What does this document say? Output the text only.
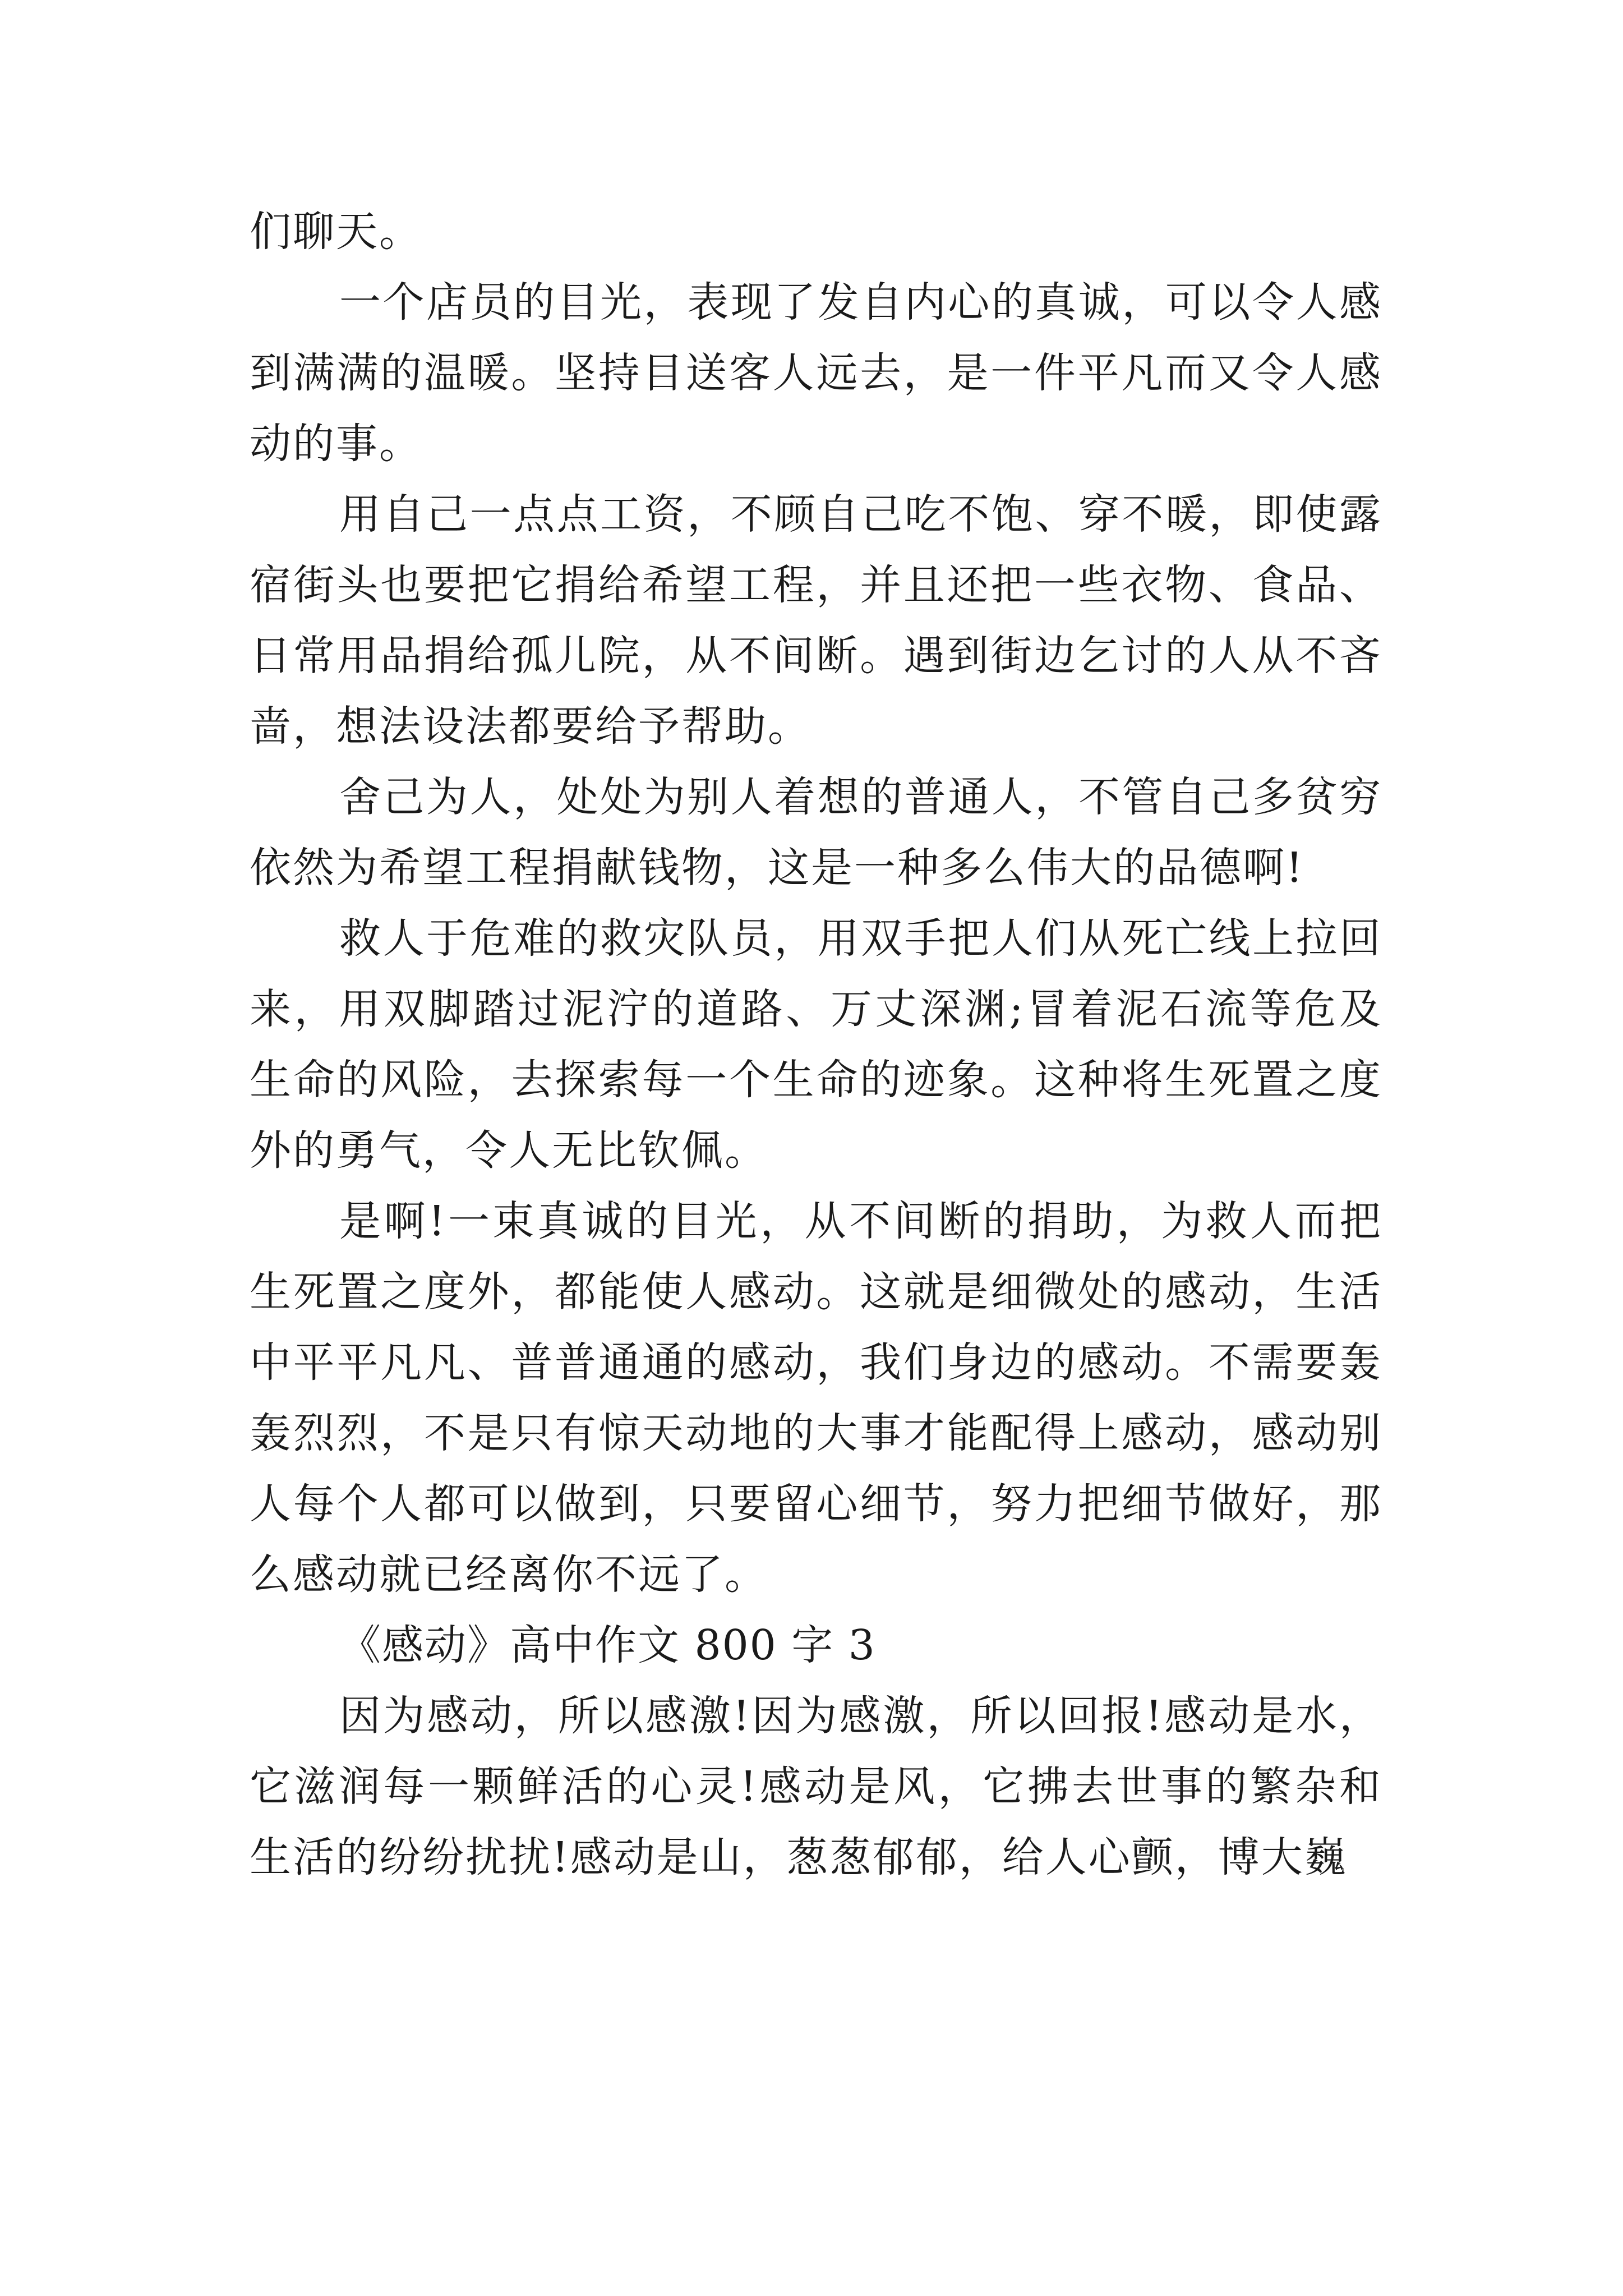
们聊天。

一个店员的目光，表现了发自内心的真诚，可以令人感到满满的温暖。坚持目送客人远去，是一件平凡而又令人感动的事。

用自己一点点工资，不顾自己吃不饱、穿不暖，即使露宿街头也要把它捐给希望工程，并且还把一些衣物、食品、日常用品捐给孤儿院，从不间断。遇到街边乞讨的人从不吝啬，想法设法都要给予帮助。

舍己为人，处处为别人着想的普通人，不管自己多贫穷依然为希望工程捐献钱物，这是一种多么伟大的品德啊!

救人于危难的救灾队员，用双手把人们从死亡线上拉回来，用双脚踏过泥泞的道路、万丈深渊;冒着泥石流等危及生命的风险，去探索每一个生命的迹象。这种将生死置之度外的勇气，令人无比钦佩。

是啊!一束真诚的目光，从不间断的捐助，为救人而把生死置之度外，都能使人感动。这就是细微处的感动，生活中平平凡凡、普普通通的感动，我们身边的感动。不需要轰轰烈烈，不是只有惊天动地的大事才能配得上感动，感动别人每个人都可以做到，只要留心细节，努力把细节做好，那么感动就已经离你不远了。

《感动》高中作文 800 字 3

因为感动，所以感激!因为感激，所以回报!感动是水，它滋润每一颗鲜活的心灵!感动是风，它拂去世事的繁杂和生活的纷纷扰扰!感动是山，葱葱郁郁，给人心颤，博大巍
